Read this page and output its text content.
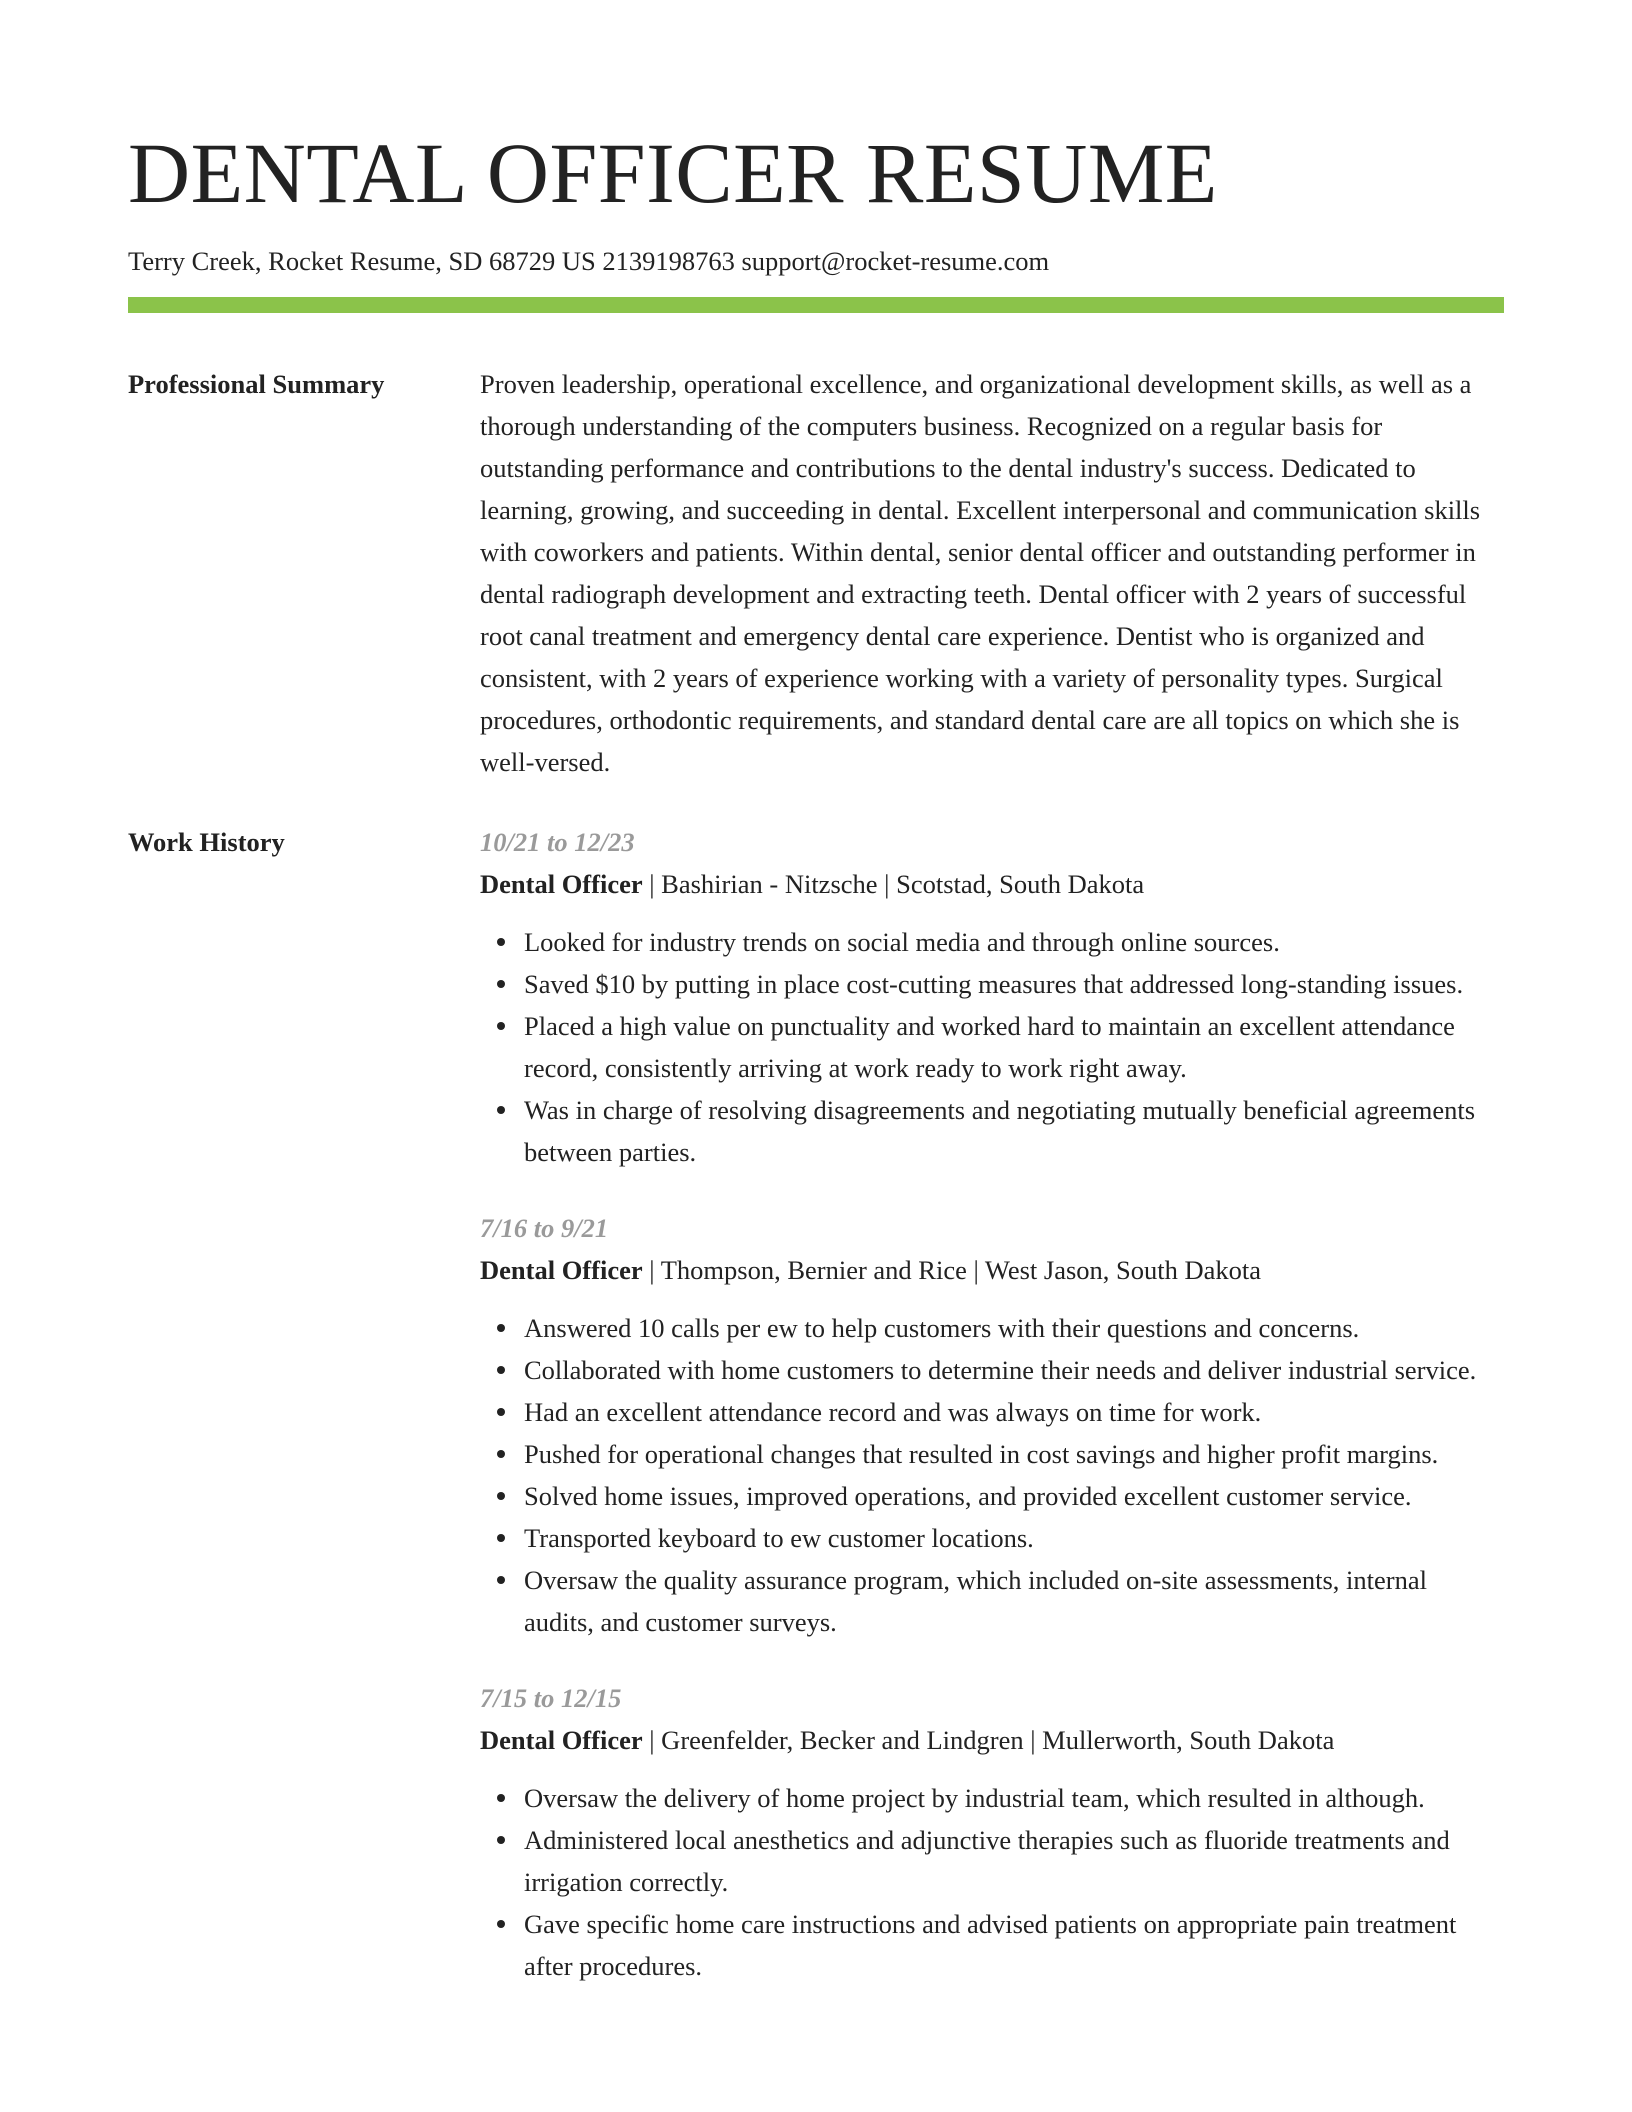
DENTAL OFFICER RESUME
Terry Creek, Rocket Resume, SD 68729 US 2139198763 support@rocket-resume.com
Professional Summary	Proven leadership, operational excellence, and organizational development skills, as well as a thorough understanding of the computers business. Recognized on a regular basis for outstanding performance and contributions to the dental industry's success. Dedicated to learning, growing, and succeeding in dental. Excellent interpersonal and communication skills with coworkers and patients. Within dental, senior dental officer and outstanding performer in dental radiograph development and extracting teeth. Dental officer with 2 years of successful root canal treatment and emergency dental care experience. Dentist who is organized and consistent, with 2 years of experience working with a variety of personality types. Surgical procedures, orthodontic requirements, and standard dental care are all topics on which she is well-versed.

Work History	10/21 to 12/23
Dental Officer | Bashirian - Nitzsche | Scotstad, South Dakota
Looked for industry trends on social media and through online sources.
Saved $10 by putting in place cost-cutting measures that addressed long-standing issues.
Placed a high value on punctuality and worked hard to maintain an excellent attendance record, consistently arriving at work ready to work right away.
Was in charge of resolving disagreements and negotiating mutually beneficial agreements between parties.
7/16 to 9/21
Dental Officer | Thompson, Bernier and Rice | West Jason, South Dakota
Answered 10 calls per ew to help customers with their questions and concerns.
Collaborated with home customers to determine their needs and deliver industrial service.
Had an excellent attendance record and was always on time for work.
Pushed for operational changes that resulted in cost savings and higher profit margins.
Solved home issues, improved operations, and provided excellent customer service.
Transported keyboard to ew customer locations.
Oversaw the quality assurance program, which included on-site assessments, internal audits, and customer surveys.
7/15 to 12/15
Dental Officer | Greenfelder, Becker and Lindgren | Mullerworth, South Dakota
Oversaw the delivery of home project by industrial team, which resulted in although.
Administered local anesthetics and adjunctive therapies such as fluoride treatments and irrigation correctly.
Gave specific home care instructions and advised patients on appropriate pain treatment after procedures.
